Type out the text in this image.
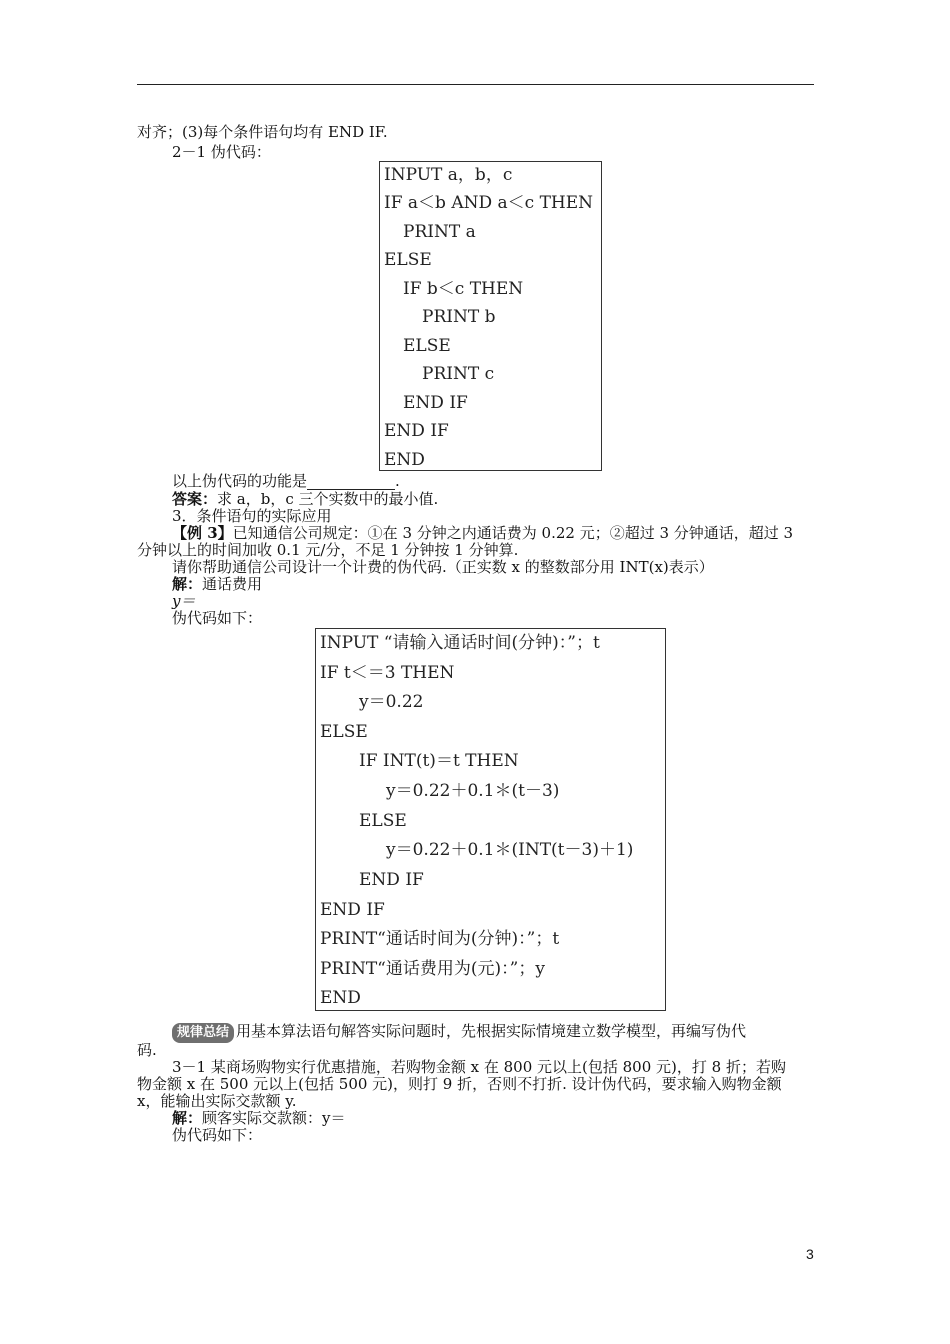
对齐；(3)每个条件语句均有 END IF.
2－1 伪代码：
INPUT a，b，c
IF a＜b AND a＜c THEN
PRINT a
ELSE
IF b＜c THEN
PRINT b
ELSE
PRINT c
END IF
END IF
END
以上伪代码的功能是	.
答案：求 a，b，c 三个实数中的最小值.
3．条件语句的实际应用
【例 3】已知通信公司规定：①在 3 分钟之内通话费为 0.22 元；②超过 3 分钟通话，超过 3
分钟以上的时间加收 0.1 元/分，不足 1 分钟按 1 分钟算.
请你帮助通信公司设计一个计费的伪代码.（正实数 x 的整数部分用 INT(x)表示）
解：通话费用
y＝
伪代码如下：
INPUT “请输入通话时间(分钟)：”；t
IF t＜＝3 THEN
y＝0.22
ELSE
IF INT(t)＝t THEN
y＝0.22＋0.1＊(t－3)
ELSE
y＝0.22＋0.1＊(INT(t－3)＋1)
END IF
END IF
PRINT“通话时间为(分钟)：”；t
PRINT“通话费用为(元)：”；y
END
规律总结 用基本算法语句解答实际问题时，先根据实际情境建立数学模型，再编写伪代
码.
3－1 某商场购物实行优惠措施，若购物金额 x 在 800 元以上(包括 800 元)，打 8 折；若购
物金额 x 在 500 元以上(包括 500 元)，则打 9 折，否则不打折. 设计伪代码，要求输入购物金额
x，能输出实际交款额 y.
解：顾客实际交款额：y＝
伪代码如下：
3
